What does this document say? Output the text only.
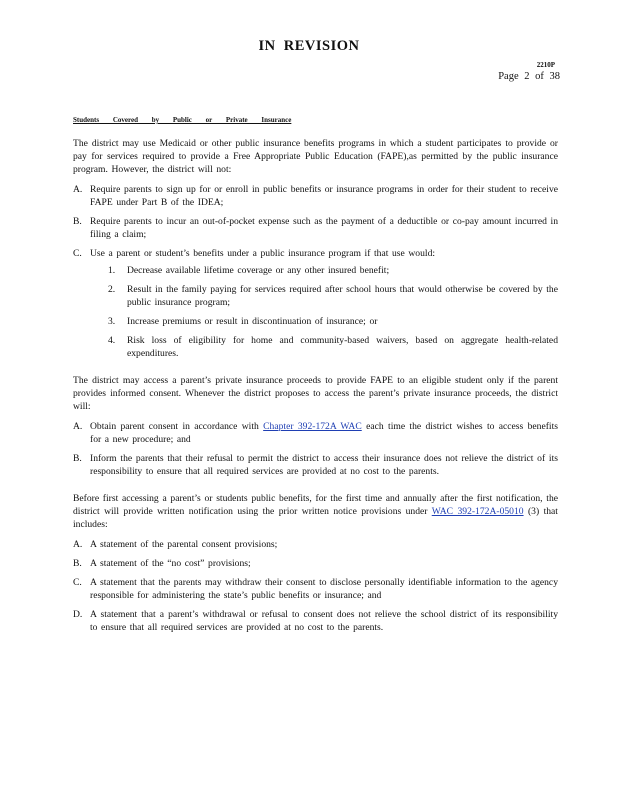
IN REVISION
2210P
Page 2 of 38
Students Covered by Public or Private Insurance

The district may use Medicaid or other public insurance benefits programs in which a student participates to provide or pay for services required to provide a Free Appropriate Public Education (FAPE),as permitted by the public insurance program. However, the district will not:

A. Require parents to sign up for or enroll in public benefits or insurance programs in order for their student to receive FAPE under Part B of the IDEA;
B. Require parents to incur an out-of-pocket expense such as the payment of a deductible or co-pay amount incurred in filing a claim;
C. Use a parent or student’s benefits under a public insurance program if that use would:
1. Decrease available lifetime coverage or any other insured benefit;
2. Result in the family paying for services required after school hours that would otherwise be covered by the public insurance program;
3. Increase premiums or result in discontinuation of insurance; or
4. Risk loss of eligibility for home and community-based waivers, based on aggregate health-related expenditures.

The district may access a parent’s private insurance proceeds to provide FAPE to an eligible student only if the parent provides informed consent. Whenever the district proposes to access the parent’s private insurance proceeds, the district will:

A. Obtain parent consent in accordance with Chapter 392-172A WAC each time the district wishes to access benefits for a new procedure; and
B. Inform the parents that their refusal to permit the district to access their insurance does not relieve the district of its responsibility to ensure that all required services are provided at no cost to the parents.

Before first accessing a parent’s or students public benefits, for the first time and annually after the first notification, the district will provide written notification using the prior written notice provisions under WAC 392-172A-05010 (3) that includes:

A. A statement of the parental consent provisions;
B. A statement of the “no cost” provisions;
C. A statement that the parents may withdraw their consent to disclose personally identifiable information to the agency responsible for administering the state’s public benefits or insurance; and
D. A statement that a parent’s withdrawal or refusal to consent does not relieve the school district of its responsibility to ensure that all required services are provided at no cost to the parents.
